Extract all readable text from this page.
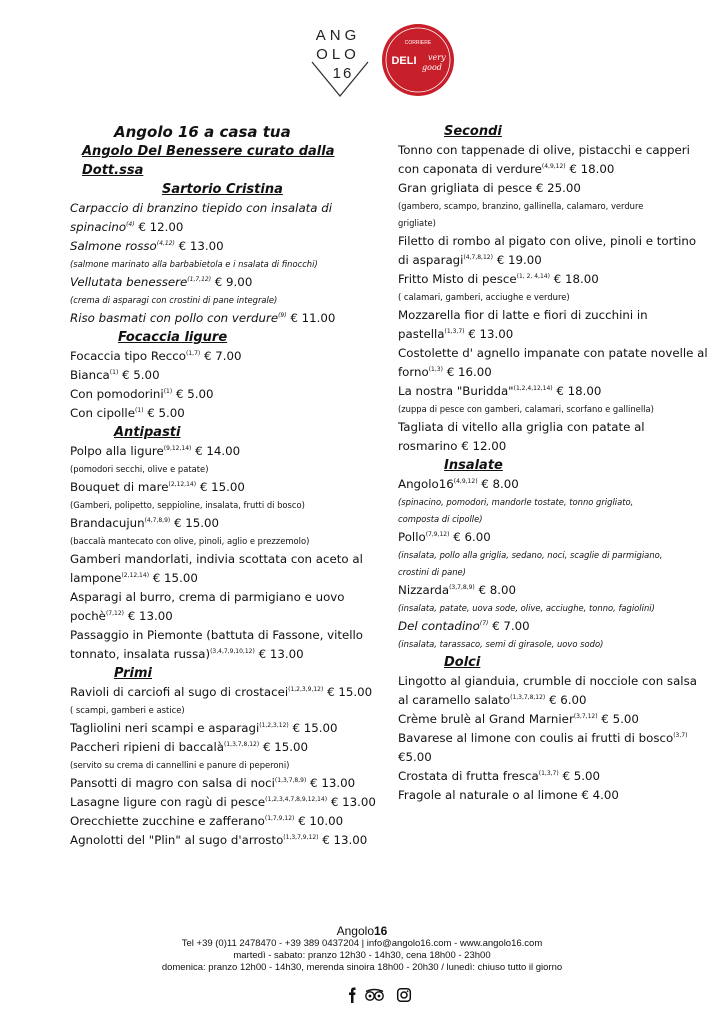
ANG
OLO
16
CORRIERE
DELI very
good
Angolo 16 a casa tua
Angolo Del Benessere curato dalla Dott.ssa
Sartorio Cristina
Carpaccio di branzino tiepido con insalata di
spinacino$^{(4)}$ € 12.00
Salmone rosso$^{(4,12)}$ € 13.00
(salmone marinato alla barbabietola e i nsalata di finocchi)
Vellutata benessere$^{(1,7,12)}$ € 9.00
(crema di asparagi con crostini di pane integrale)
Riso basmati con pollo con verdure$^{(9)}$ € 11.00
Focaccia ligure
Focaccia tipo Recco$^{(1,7)}$ € 7.00
Bianca$^{(1)}$ € 5.00
Con pomodorini$^{(1)}$ € 5.00
Con cipolle$^{(1)}$ € 5.00
Antipasti
Polpo alla ligure$^{(9,12,14)}$ € 14.00
(pomodori secchi, olive e patate)
Bouquet di mare$^{(2,12,14)}$ € 15.00
(Gamberi, polipetto, seppioline, insalata, frutti di bosco)
Brandacujun$^{(4,7,8,9)}$ € 15.00
(baccalà mantecato con olive, pinoli, aglio e prezzemolo)
Gamberi mandorlati, indivia scottata con aceto al
lampone$^{(2,12,14)}$ € 15.00
Asparagi al burro, crema di parmigiano e uovo
pochè$^{(7,12)}$ € 13.00
Passaggio in Piemonte (battuta di Fassone, vitello
tonnato, insalata russa)$^{(3,4,7,9,10,12)}$ € 13.00
Primi
Ravioli di carciofi al sugo di crostacei$^{(1,2,3,9,12)}$ € 15.00
( scampi, gamberi e astice)
Tagliolini neri scampi e asparagi$^{(1,2,3,12)}$ € 15.00
Paccheri ripieni di baccalà$^{(1,3,7,8,12)}$ € 15.00
(servito su crema di cannellini e panure di peperoni)
Pansotti di magro con salsa di noci$^{(1,3,7,8,9)}$ € 13.00
Lasagne ligure con ragù di pesce$^{(1,2,3,4,7,8,9,12,14)}$ € 13.00
Orecchiette zucchine e zafferano$^{(1,7,9,12)}$ € 10.00
Agnolotti del "Plin" al sugo d'arrosto$^{(1,3,7,9,12)}$ € 13.00
Secondi
Tonno con tappenade di olive, pistacchi e capperi
con caponata di verdure$^{(4,9,12)}$ € 18.00
Gran grigliata di pesce € 25.00
(gambero, scampo, branzino, gallinella, calamaro, verdure
grigliate)
Filetto di rombo al pigato con olive, pinoli e tortino
di asparagi$^{(4,7,8,12)}$ € 19.00
Fritto Misto di pesce$^{(1, 2, 4,14)}$ € 18.00
( calamari, gamberi, acciughe e verdure)
Mozzarella fior di latte e fiori di zucchini in
pastella$^{(1,3,7)}$ € 13.00
Costolette d' agnello impanate con patate novelle al
forno$^{(1,3)}$ € 16.00
La nostra "Buridda"$^{(1,2,4,12,14)}$ € 18.00
(zuppa di pesce con gamberi, calamari, scorfano e gallinella)
Tagliata di vitello alla griglia con patate al
rosmarino € 12.00
Insalate
Angolo16$^{(4,9,12)}$ € 8.00
(spinacino, pomodori, mandorle tostate, tonno grigliato,
composta di cipolle)
Pollo$^{(7,9,12)}$ € 6.00
(insalata, pollo alla griglia, sedano, noci, scaglie di parmigiano,
crostini di pane)
Nizzarda$^{(3,7,8,9)}$ € 8.00
(insalata, patate, uova sode, olive, acciughe, tonno, fagiolini)
Del contadino$^{(7)}$ € 7.00
(insalata, tarassaco, semi di girasole, uovo sodo)
Dolci
Lingotto al gianduia, crumble di nocciole con salsa
al caramello salato$^{(1,3,7,8,12)}$ € 6.00
Crème brulè al Grand Marnier$^{(3,7,12)}$ € 5.00
Bavarese al limone con coulis ai frutti di bosco$^{(3,7)}$
€5.00
Crostata di frutta fresca$^{(1,3,7)}$ € 5.00
Fragole al naturale o al limone € 4.00
Angolo16
Tel +39 (0)11 2478470 - +39 389 0437204 | info@angolo16.com - www.angolo16.com
martedì - sabato: pranzo 12h30 - 14h30, cena 18h00 - 23h00
domenica: pranzo 12h00 - 14h30, merenda sinoira 18h00 - 20h30 / lunedì: chiuso tutto il giorno
